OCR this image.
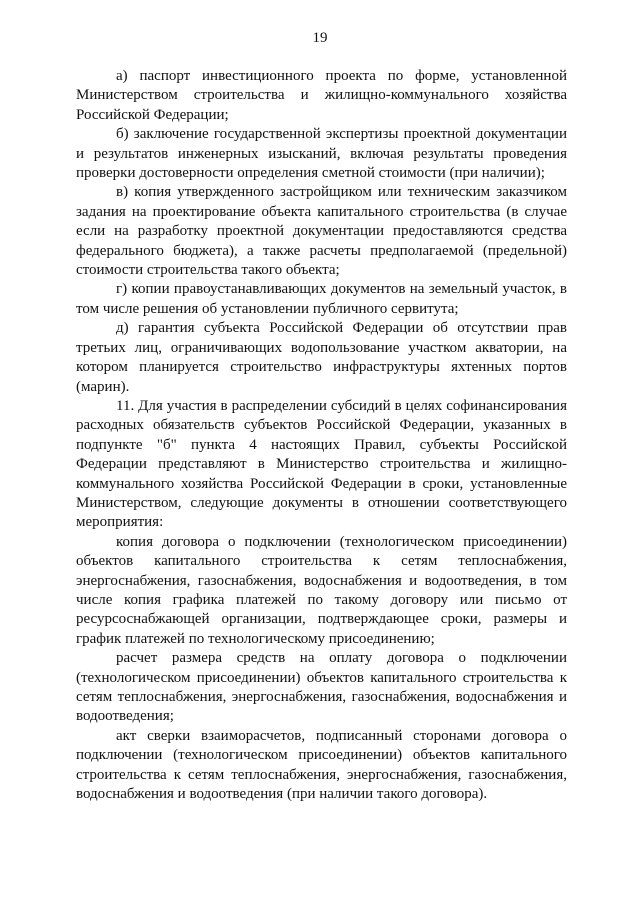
19

а) паспорт инвестиционного проекта по форме, установленной Министерством строительства и жилищно-коммунального хозяйства Российской Федерации;

б) заключение государственной экспертизы проектной документации и результатов инженерных изысканий, включая результаты проведения проверки достоверности определения сметной стоимости (при наличии);

в) копия утвержденного застройщиком или техническим заказчиком задания на проектирование объекта капитального строительства (в случае если на разработку проектной документации предоставляются средства федерального бюджета), а также расчеты предполагаемой (предельной) стоимости строительства такого объекта;

г) копии правоустанавливающих документов на земельный участок, в том числе решения об установлении публичного сервитута;

д) гарантия субъекта Российской Федерации об отсутствии прав третьих лиц, ограничивающих водопользование участком акватории, на котором планируется строительство инфраструктуры яхтенных портов (марин).

11. Для участия в распределении субсидий в целях софинансирования расходных обязательств субъектов Российской Федерации, указанных в подпункте "б" пункта 4 настоящих Правил, субъекты Российской Федерации представляют в Министерство строительства и жилищно-коммунального хозяйства Российской Федерации в сроки, установленные Министерством, следующие документы в отношении соответствующего мероприятия:

копия договора о подключении (технологическом присоединении) объектов капитального строительства к сетям теплоснабжения, энергоснабжения, газоснабжения, водоснабжения и водоотведения, в том числе копия графика платежей по такому договору или письмо от ресурсоснабжающей организации, подтверждающее сроки, размеры и график платежей по технологическому присоединению;

расчет размера средств на оплату договора о подключении (технологическом присоединении) объектов капитального строительства к сетям теплоснабжения, энергоснабжения, газоснабжения, водоснабжения и водоотведения;

акт сверки взаиморасчетов, подписанный сторонами договора о подключении (технологическом присоединении) объектов капитального строительства к сетям теплоснабжения, энергоснабжения, газоснабжения, водоснабжения и водоотведения (при наличии такого договора).
